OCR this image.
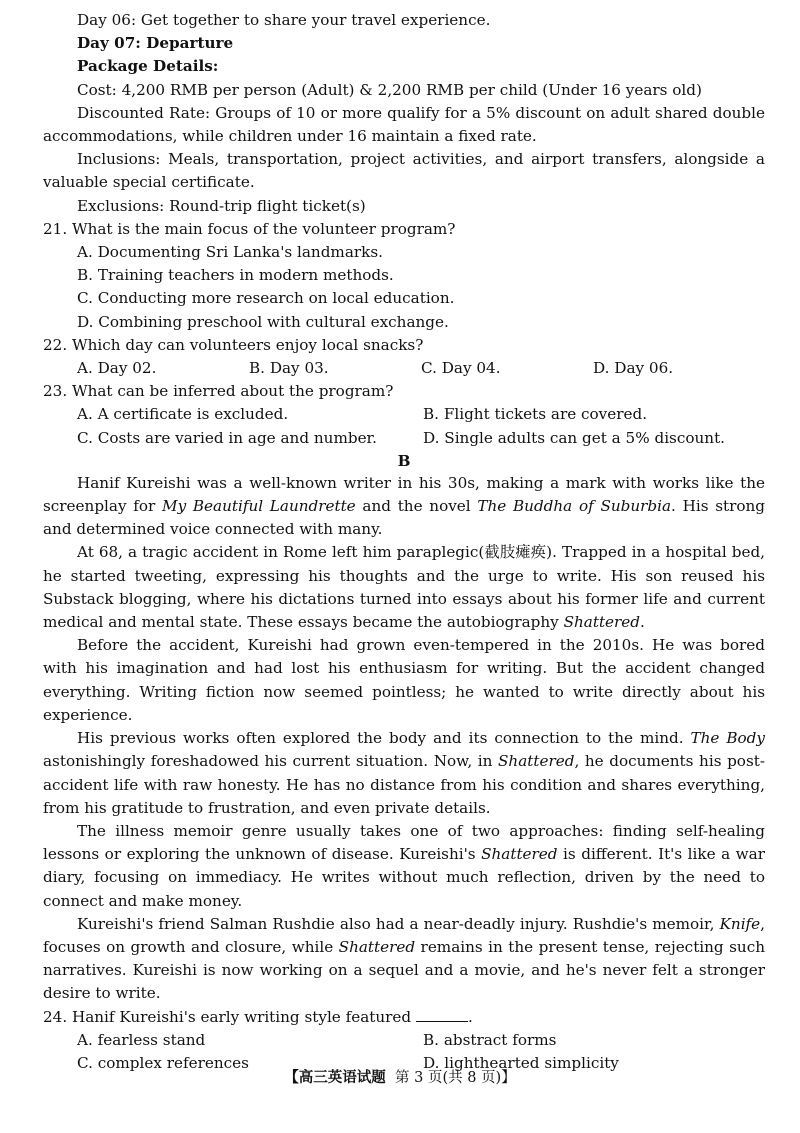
Day 06: Get together to share your travel experience.
Day 07: Departure
Package Details:
Cost: 4,200 RMB per person (Adult) & 2,200 RMB per child (Under 16 years old)
Discounted Rate: Groups of 10 or more qualify for a 5% discount on adult shared double accommodations, while children under 16 maintain a fixed rate.
Inclusions: Meals, transportation, project activities, and airport transfers, alongside a valuable special certificate.
Exclusions: Round-trip flight ticket(s)
21. What is the main focus of the volunteer program?
A. Documenting Sri Lanka's landmarks.
B. Training teachers in modern methods.
C. Conducting more research on local education.
D. Combining preschool with cultural exchange.
22. Which day can volunteers enjoy local snacks?
A. Day 02.	B. Day 03.	C. Day 04.	D. Day 06.
23. What can be inferred about the program?
A. A certificate is excluded.	B. Flight tickets are covered.
C. Costs are varied in age and number.	D. Single adults can get a 5% discount.
B
Hanif Kureishi was a well-known writer in his 30s, making a mark with works like the screenplay for My Beautiful Laundrette and the novel The Buddha of Suburbia. His strong and determined voice connected with many.
At 68, a tragic accident in Rome left him paraplegic(截肢瘫痪). Trapped in a hospital bed, he started tweeting, expressing his thoughts and the urge to write. His son reused his Substack blogging, where his dictations turned into essays about his former life and current medical and mental state. These essays became the autobiography Shattered.
Before the accident, Kureishi had grown even-tempered in the 2010s. He was bored with his imagination and had lost his enthusiasm for writing. But the accident changed everything. Writing fiction now seemed pointless; he wanted to write directly about his experience.
His previous works often explored the body and its connection to the mind. The Body astonishingly foreshadowed his current situation. Now, in Shattered, he documents his post-accident life with raw honesty. He has no distance from his condition and shares everything, from his gratitude to frustration, and even private details.
The illness memoir genre usually takes one of two approaches: finding self-healing lessons or exploring the unknown of disease. Kureishi's Shattered is different. It's like a war diary, focusing on immediacy. He writes without much reflection, driven by the need to connect and make money.
Kureishi's friend Salman Rushdie also had a near-deadly injury. Rushdie's memoir, Knife, focuses on growth and closure, while Shattered remains in the present tense, rejecting such narratives. Kureishi is now working on a sequel and a movie, and he's never felt a stronger desire to write.
24. Hanif Kureishi's early writing style featured	.
A. fearless stand	B. abstract forms
C. complex references	D. lighthearted simplicity
【高三英语试题 第 3 页(共 8 页)】
